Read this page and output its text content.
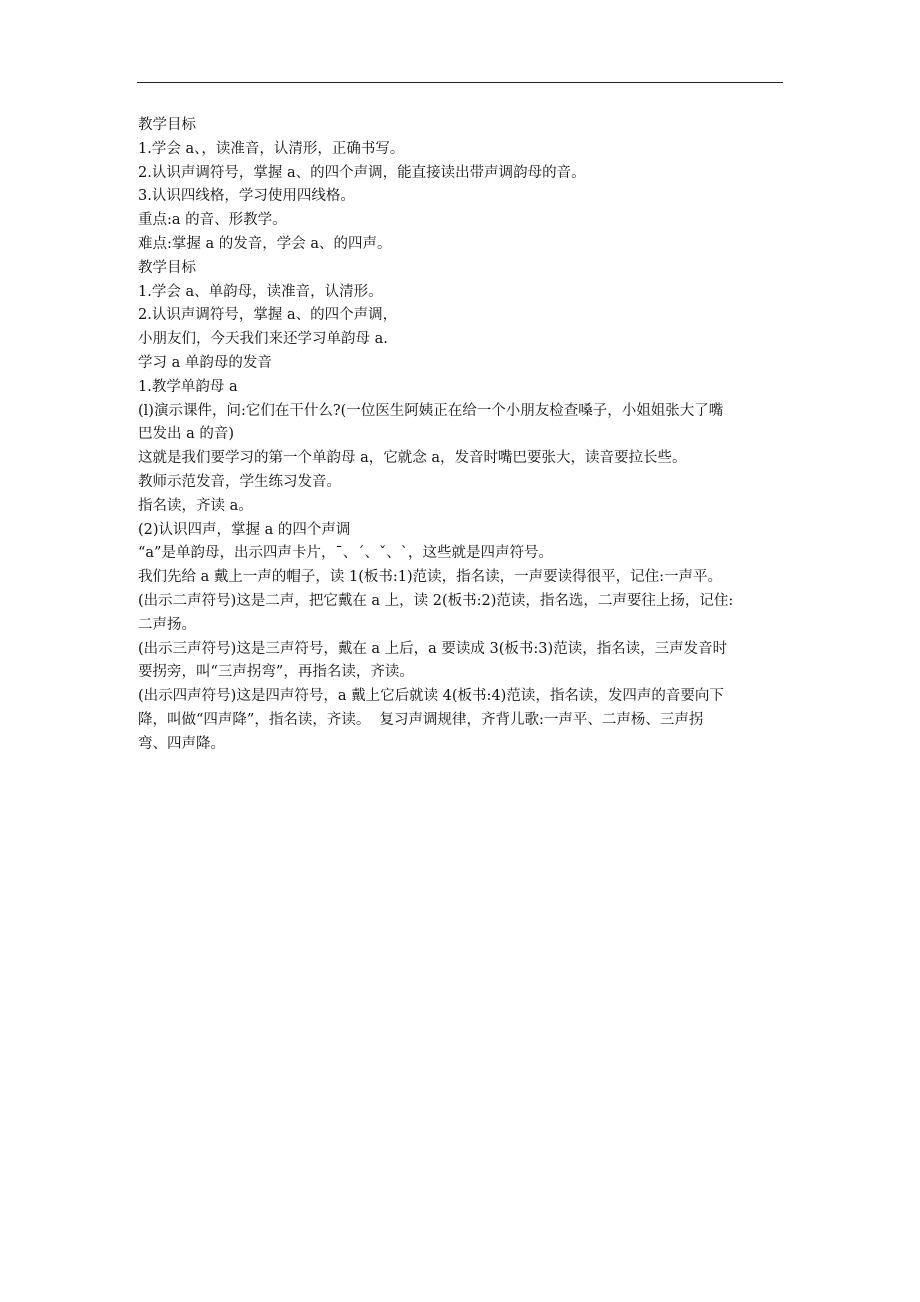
教学目标

1.学会 a、，读准音，认清形，正确书写。

2.认识声调符号，掌握 a、的四个声调，能直接读出带声调韵母的音。

3.认识四线格，学习使用四线格。

重点:a 的音、形教学。

难点:掌握 a 的发音，学会 a、的四声。

教学目标

1.学会 a、单韵母，读准音，认清形。

2.认识声调符号，掌握 a、的四个声调，

小朋友们，今天我们来还学习单韵母 a.

学习 a 单韵母的发音

1.教学单韵母 a

(l)演示课件，问:它们在干什么?(一位医生阿姨正在给一个小朋友检查嗓子，小姐姐张大了嘴

巴发出 a 的音)

这就是我们要学习的第一个单韵母 a，它就念 a，发音时嘴巴要张大，读音要拉长些。

教师示范发音，学生练习发音。

指名读，齐读 a。

(2)认识四声，掌握 a 的四个声调

“a”是单韵母，出示四声卡片，ˉ、ˊ、ˇ、ˋ，这些就是四声符号。

我们先给 a 戴上一声的帽子，读 1(板书:1)范读，指名读，一声要读得很平，记住:一声平。

(出示二声符号)这是二声，把它戴在 a 上，读 2(板书:2)范读，指名选，二声要往上扬，记住:

二声扬。

(出示三声符号)这是三声符号，戴在 a 上后，a 要读成 3(板书:3)范读，指名读，三声发音时

要拐旁，叫“三声拐弯”，再指名读，齐读。

(出示四声符号)这是四声符号，a 戴上它后就读 4(板书:4)范读，指名读，发四声的音要向下

降，叫做“四声降”，指名读，齐读。  复习声调规律，齐背儿歌:一声平、二声杨、三声拐

弯、四声降。
